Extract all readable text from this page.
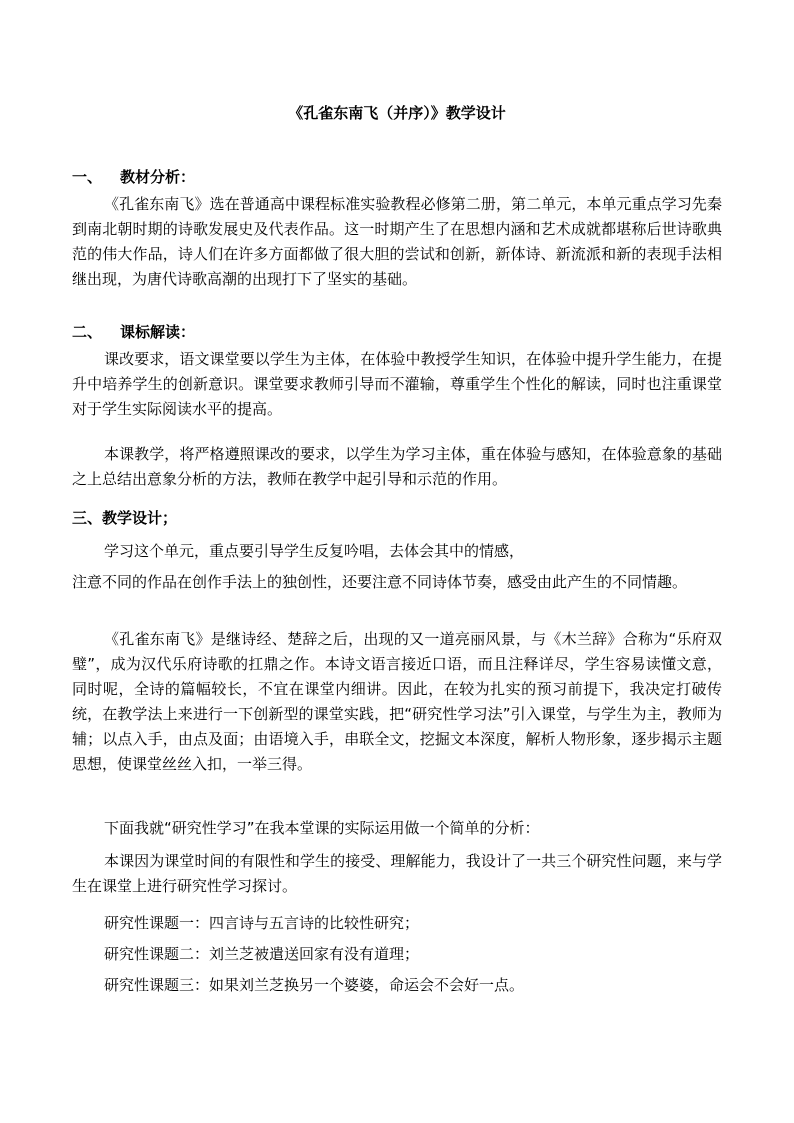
《孔雀东南飞（并序）》教学设计
一、 教材分析：

《孔雀东南飞》选在普通高中课程标准实验教程必修第二册，第二单元，本单元重点学习先秦到南北朝时期的诗歌发展史及代表作品。这一时期产生了在思想内涵和艺术成就都堪称后世诗歌典范的伟大作品，诗人们在许多方面都做了很大胆的尝试和创新，新体诗、新流派和新的表现手法相继出现，为唐代诗歌高潮的出现打下了坚实的基础。

二、 课标解读：

课改要求，语文课堂要以学生为主体，在体验中教授学生知识，在体验中提升学生能力，在提升中培养学生的创新意识。课堂要求教师引导而不灌输，尊重学生个性化的解读，同时也注重课堂对于学生实际阅读水平的提高。

本课教学，将严格遵照课改的要求，以学生为学习主体，重在体验与感知，在体验意象的基础之上总结出意象分析的方法，教师在教学中起引导和示范的作用。

三、教学设计；
学习这个单元，重点要引导学生反复吟唱，去体会其中的情感，
注意不同的作品在创作手法上的独创性，还要注意不同诗体节奏，感受由此产生的不同情趣。

《孔雀东南飞》是继诗经、楚辞之后，出现的又一道亮丽风景，与《木兰辞》合称为“乐府双璧”，成为汉代乐府诗歌的扛鼎之作。本诗文语言接近口语，而且注释详尽，学生容易读懂文意，同时呢，全诗的篇幅较长，不宜在课堂内细讲。因此，在较为扎实的预习前提下，我决定打破传统，在教学法上来进行一下创新型的课堂实践，把“研究性学习法”引入课堂，与学生为主，教师为辅；以点入手，由点及面；由语境入手，串联全文，挖掘文本深度，解析人物形象，逐步揭示主题思想，使课堂丝丝入扣，一举三得。

下面我就“研究性学习”在我本堂课的实际运用做一个简单的分析：

本课因为课堂时间的有限性和学生的接受、理解能力，我设计了一共三个研究性问题，来与学生在课堂上进行研究性学习探讨。

研究性课题一：四言诗与五言诗的比较性研究；
研究性课题二：刘兰芝被遣送回家有没有道理；
研究性课题三：如果刘兰芝换另一个婆婆，命运会不会好一点。
